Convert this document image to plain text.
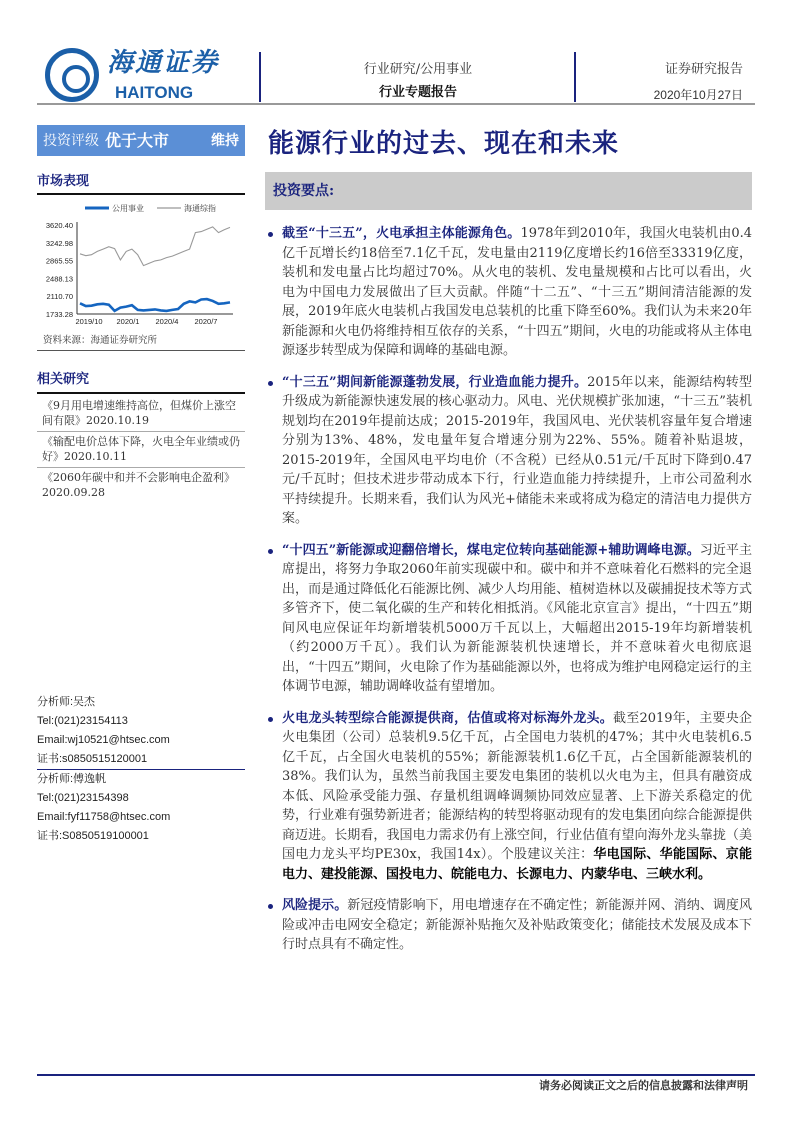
海通证券
HAITONG
行业研究/公用事业
行业专题报告
证券研究报告
2020年10月27日
投资评级 优于大市	维持 能源行业的过去、现在和未来
市场表现
公用事业	海通综指
3620.40
3242.98
2865.55
2488.13
2110.70
1733.28
2019/10 2020/1 2020/4 2020/7
资料来源：海通证券研究所
相关研究
《9月用电增速维持高位，但煤价上涨空间有限》2020.10.19
《输配电价总体下降，火电全年业绩或仍好》2020.10.11
《2060年碳中和并不会影响电企盈利》2020.09.28
分析师:吴杰
Tel:(021)23154113
Email:wj10521@htsec.com
证书:s0850515120001
分析师:傅逸帆
Tel:(021)23154398
Email:fyf11758@htsec.com
证书:S0850519100001
投资要点:
截至“十三五”，火电承担主体能源角色。1978年到2010年，我国火电装机由0.4亿千瓦增长约18倍至7.1亿千瓦，发电量由2119亿度增长约16倍至33319亿度，装机和发电量占比均超过70%。从火电的装机、发电量规模和占比可以看出，火电为中国电力发展做出了巨大贡献。伴随“十二五”、“十三五”期间清洁能源的发展，2019年底火电装机占我国发电总装机的比重下降至60%。我们认为未来20年新能源和火电仍将维持相互依存的关系，“十四五”期间，火电的功能或将从主体电源逐步转型成为保障和调峰的基础电源。
“十三五”期间新能源蓬勃发展，行业造血能力提升。2015年以来，能源结构转型升级成为新能源快速发展的核心驱动力。风电、光伏规模扩张加速，“十三五”装机规划均在2019年提前达成；2015-2019年，我国风电、光伏装机容量年复合增速分别为13%、48%，发电量年复合增速分别为22%、55%。随着补贴退坡，2015-2019年，全国风电平均电价（不含税）已经从0.51元/千瓦时下降到0.47元/千瓦时；但技术进步带动成本下行，行业造血能力持续提升，上市公司盈利水平持续提升。长期来看，我们认为风光+储能未来或将成为稳定的清洁电力提供方案。
“十四五”新能源或迎翻倍增长，煤电定位转向基础能源+辅助调峰电源。习近平主席提出，将努力争取2060年前实现碳中和。碳中和并不意味着化石燃料的完全退出，而是通过降低化石能源比例、减少人均用能、植树造林以及碳捕捉技术等方式多管齐下，使二氧化碳的生产和转化相抵消。《风能北京宣言》提出，“十四五”期间风电应保证年均新增装机5000万千瓦以上，大幅超出2015-19年均新增装机（约2000万千瓦）。我们认为新能源装机快速增长，并不意味着火电彻底退出，“十四五”期间，火电除了作为基础能源以外，也将成为维护电网稳定运行的主体调节电源，辅助调峰收益有望增加。
火电龙头转型综合能源提供商，估值或将对标海外龙头。截至2019年，主要央企火电集团（公司）总装机9.5亿千瓦，占全国电力装机的47%；其中火电装机6.5亿千瓦，占全国火电装机的55%；新能源装机1.6亿千瓦，占全国新能源装机的38%。我们认为，虽然当前我国主要发电集团的装机以火电为主，但具有融资成本低、风险承受能力强、存量机组调峰调频协同效应显著、上下游关系稳定的优势，行业难有强势新进者；能源结构的转型将驱动现有的发电集团向综合能源提供商迈进。长期看，我国电力需求仍有上涨空间，行业估值有望向海外龙头靠拢（美国电力龙头平均PE30x，我国14x）。个股建议关注：华电国际、华能国际、京能电力、建投能源、国投电力、皖能电力、长源电力、内蒙华电、三峡水利。
风险提示。新冠疫情影响下，用电增速存在不确定性；新能源并网、消纳、调度风险或冲击电网安全稳定；新能源补贴拖欠及补贴政策变化；储能技术发展及成本下行时点具有不确定性。
请务必阅读正文之后的信息披露和法律声明
